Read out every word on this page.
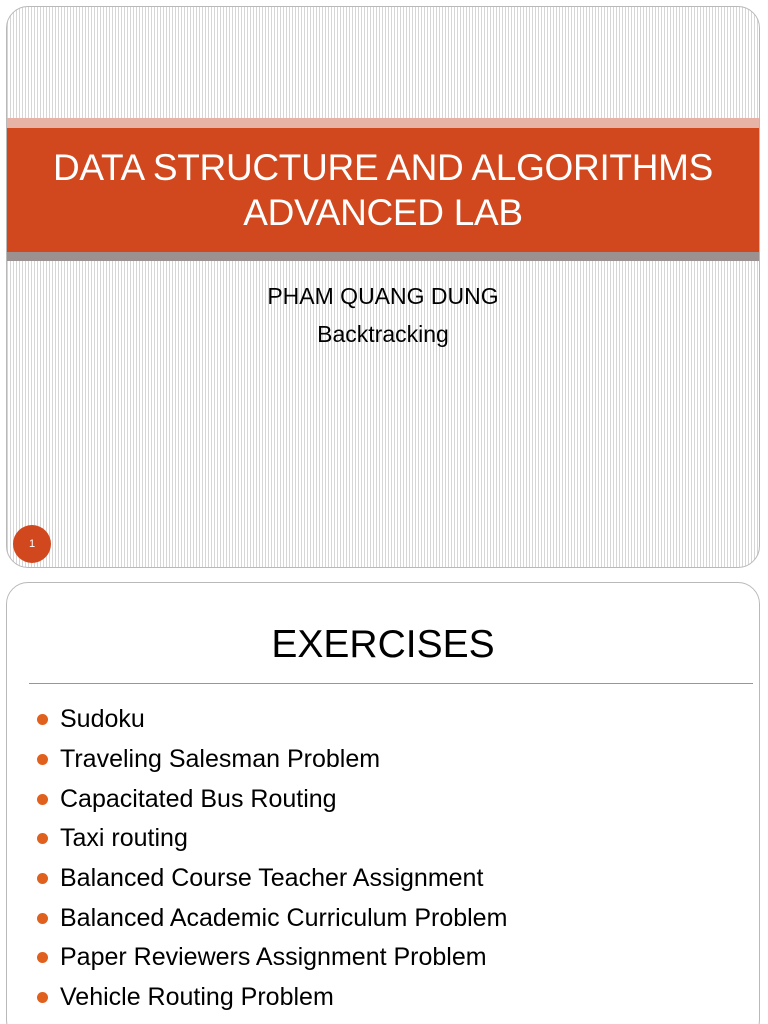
DATA STRUCTURE AND ALGORITHMS
ADVANCED LAB
PHAM QUANG DUNG
Backtracking
1
EXERCISES
Sudoku
Traveling Salesman Problem
Capacitated Bus Routing
Taxi routing
Balanced Course Teacher Assignment
Balanced Academic Curriculum Problem
Paper Reviewers Assignment Problem
Vehicle Routing Problem
